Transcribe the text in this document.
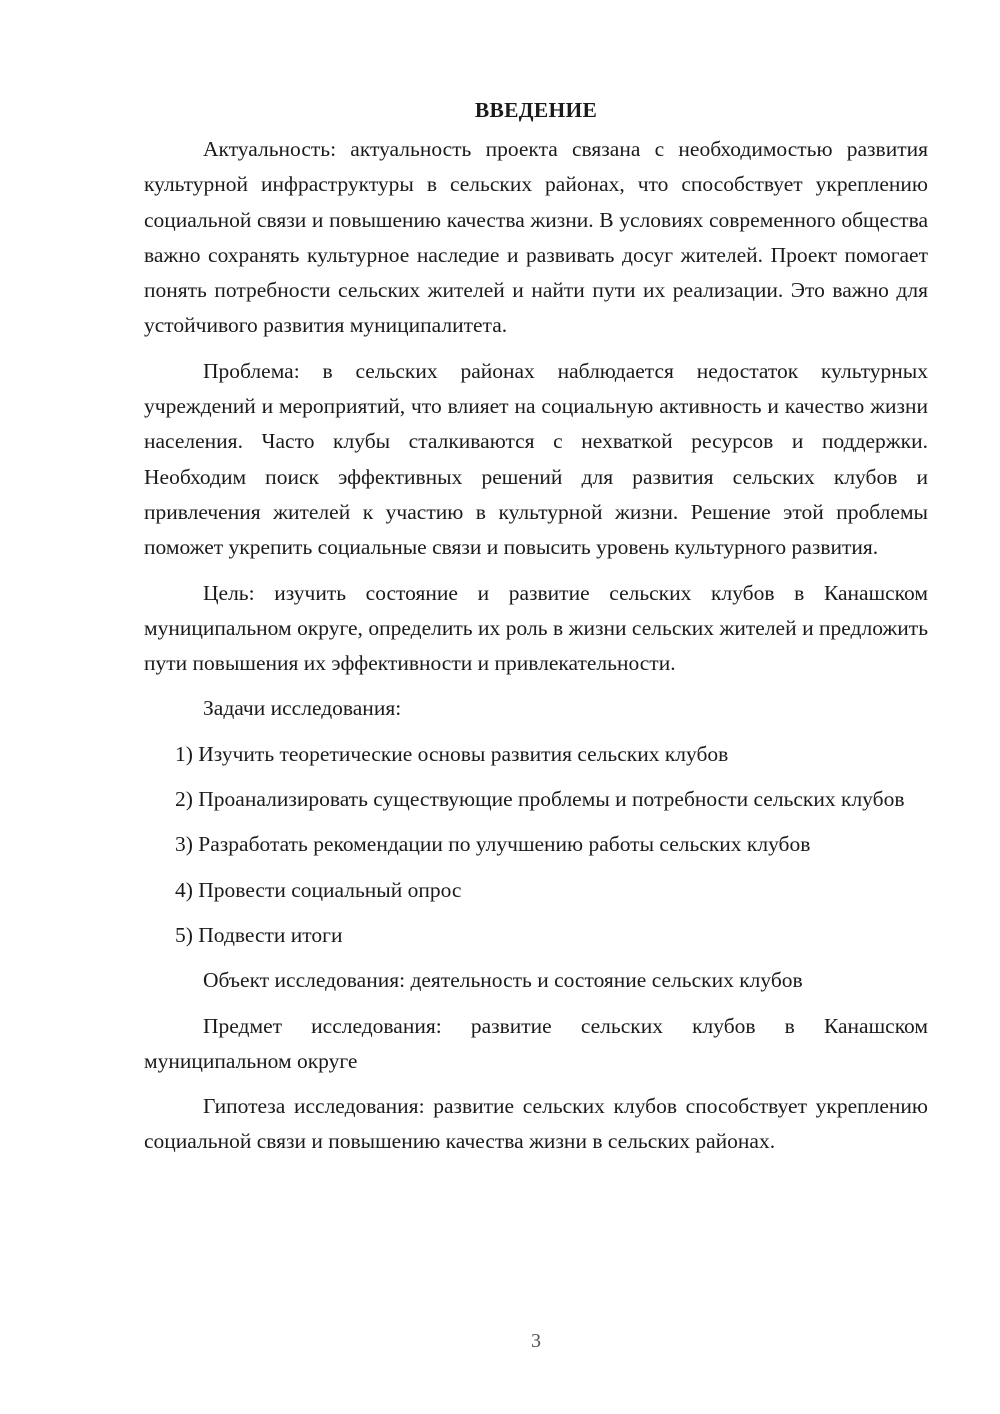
ВВЕДЕНИЕ

Актуальность: актуальность проекта связана с необходимостью развития культурной инфраструктуры в сельских районах, что способствует укреплению социальной связи и повышению качества жизни. В условиях современного общества важно сохранять культурное наследие и развивать досуг жителей. Проект помогает понять потребности сельских жителей и найти пути их реализации. Это важно для устойчивого развития муниципалитета.

Проблема: в сельских районах наблюдается недостаток культурных учреждений и мероприятий, что влияет на социальную активность и качество жизни населения. Часто клубы сталкиваются с нехваткой ресурсов и поддержки. Необходим поиск эффективных решений для развития сельских клубов и привлечения жителей к участию в культурной жизни. Решение этой проблемы поможет укрепить социальные связи и повысить уровень культурного развития.

Цель: изучить состояние и развитие сельских клубов в Канашском муниципальном округе, определить их роль в жизни сельских жителей и предложить пути повышения их эффективности и привлекательности.

Задачи исследования:

1) Изучить теоретические основы развития сельских клубов

2) Проанализировать существующие проблемы и потребности сельских клубов

3) Разработать рекомендации по улучшению работы сельских клубов

4) Провести социальный опрос

5) Подвести итоги

Объект исследования: деятельность и состояние сельских клубов

Предмет исследования: развитие сельских клубов в Канашском муниципальном округе

Гипотеза исследования: развитие сельских клубов способствует укреплению социальной связи и повышению качества жизни в сельских районах.

3
